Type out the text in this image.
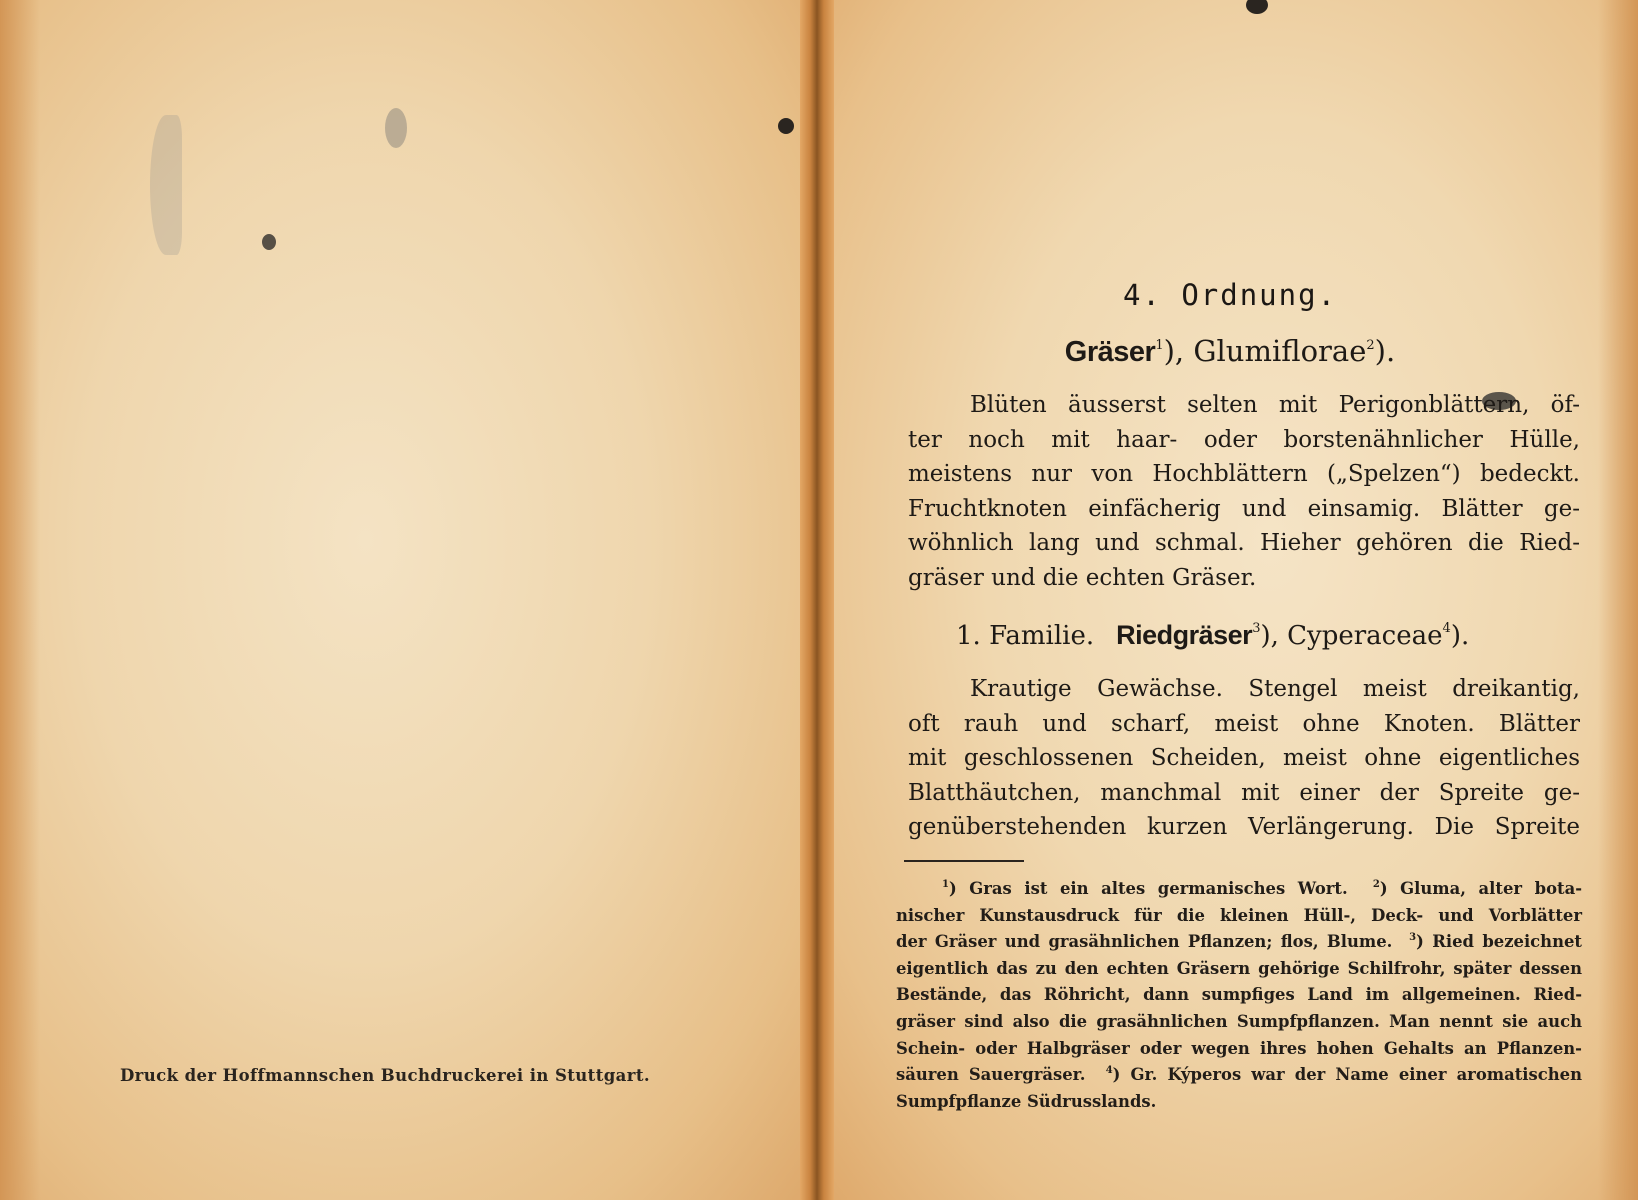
Druck der Hoffmannschen Buchdruckerei in Stuttgart.
4. Ordnung.
Gräser$^1$), Glumiflorae$^2$).
Blüten äusserst selten mit Perigonblättern, öf-
ter noch mit haar- oder borstenähnlicher Hülle,
meistens nur von Hochblättern („Spelzen“) bedeckt.
Fruchtknoten einfächerig und einsamig. Blätter ge-
wöhnlich lang und schmal. Hieher gehören die Ried-
gräser und die echten Gräser.
1. Familie. Riedgräser$^3$), Cyperaceae$^4$).
Krautige Gewächse. Stengel meist dreikantig,
oft rauh und scharf, meist ohne Knoten. Blätter
mit geschlossenen Scheiden, meist ohne eigentliches
Blatthäutchen, manchmal mit einer der Spreite ge-
genüberstehenden kurzen Verlängerung. Die Spreite
$^1$) Gras ist ein altes germanisches Wort.	$^2$) Gluma, alter bota-
nischer Kunstausdruck für die kleinen Hüll-, Deck- und Vorblätter
der Gräser und grasähnlichen Pflanzen; flos, Blume. $^3$) Ried bezeichnet
eigentlich das zu den echten Gräsern gehörige Schilfrohr, später dessen
Bestände, das Röhricht, dann sumpfiges Land im allgemeinen. Ried-
gräser sind also die grasähnlichen Sumpfpflanzen. Man nennt sie auch
Schein- oder Halbgräser oder wegen ihres hohen Gehalts an Pflanzen-
säuren Sauergräser. $^4$) Gr. Kýperos war der Name einer aromatischen
Sumpfpflanze Südrusslands.
